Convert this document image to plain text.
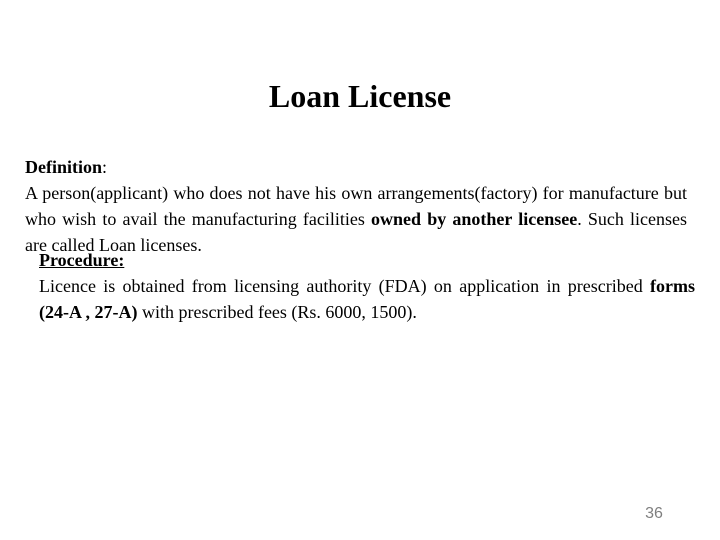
Loan License

Definition:

A person(applicant) who does not have his own arrangements(factory) for manufacture but who wish to avail the manufacturing facilities owned by another licensee. Such licenses are called Loan licenses.

Procedure:

Licence is obtained from licensing authority (FDA) on application in prescribed forms (24-A , 27-A) with prescribed fees (Rs. 6000, 1500).

36
